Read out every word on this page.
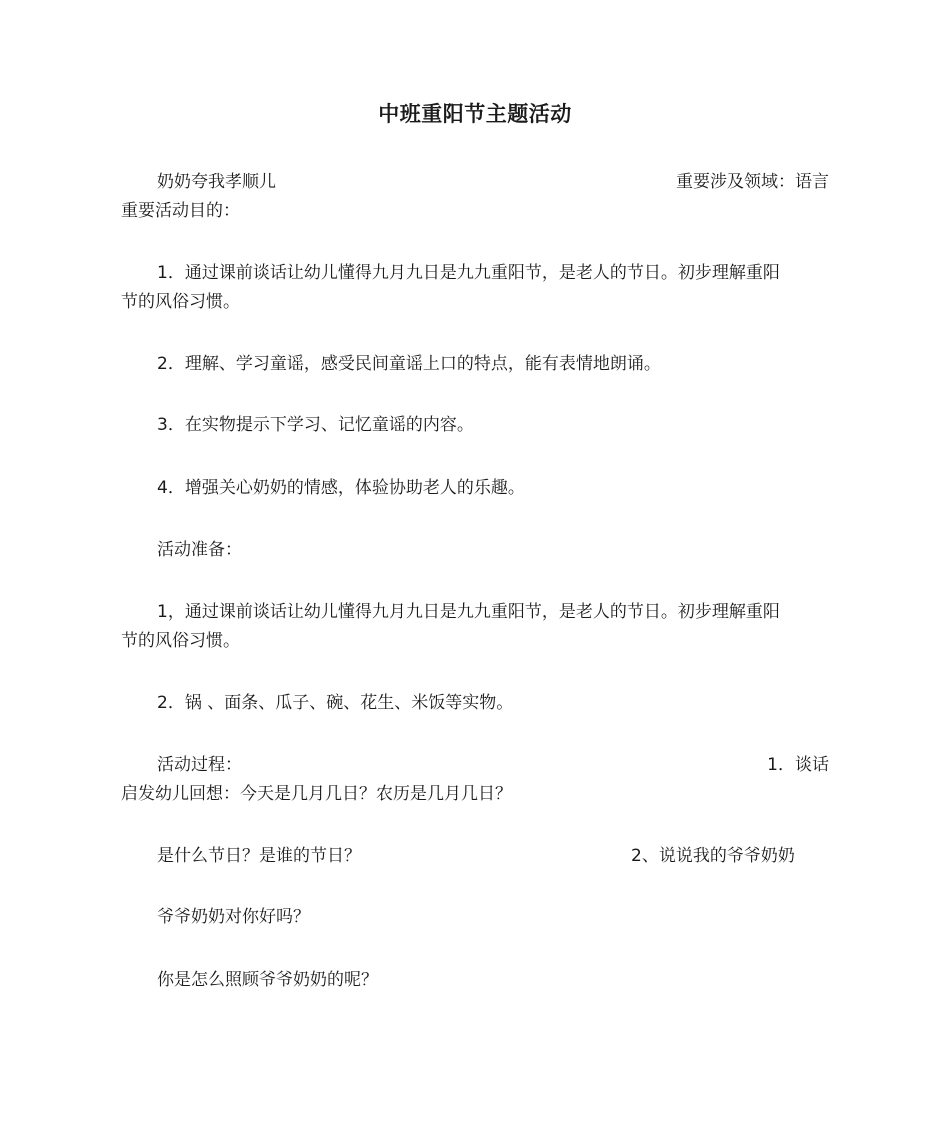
中班重阳节主题活动
奶奶夸我孝顺儿	重要涉及领域：语言
重要活动目的：
1．通过课前谈话让幼儿懂得九月九日是九九重阳节，是老人的节日。初步理解重阳
节的风俗习惯。
2．理解、学习童谣，感受民间童谣上口的特点，能有表情地朗诵。
3．在实物提示下学习、记忆童谣的内容。
4．增强关心奶奶的情感，体验协助老人的乐趣。
活动准备：
1，通过课前谈话让幼儿懂得九月九日是九九重阳节，是老人的节日。初步理解重阳
节的风俗习惯。
2．锅 、面条、瓜子、碗、花生、米饭等实物。
活动过程：	1．谈话
启发幼儿回想：今天是几月几日？农历是几月几日？
是什么节日？是谁的节日？	2、说说我的爷爷奶奶
爷爷奶奶对你好吗？
你是怎么照顾爷爷奶奶的呢？
